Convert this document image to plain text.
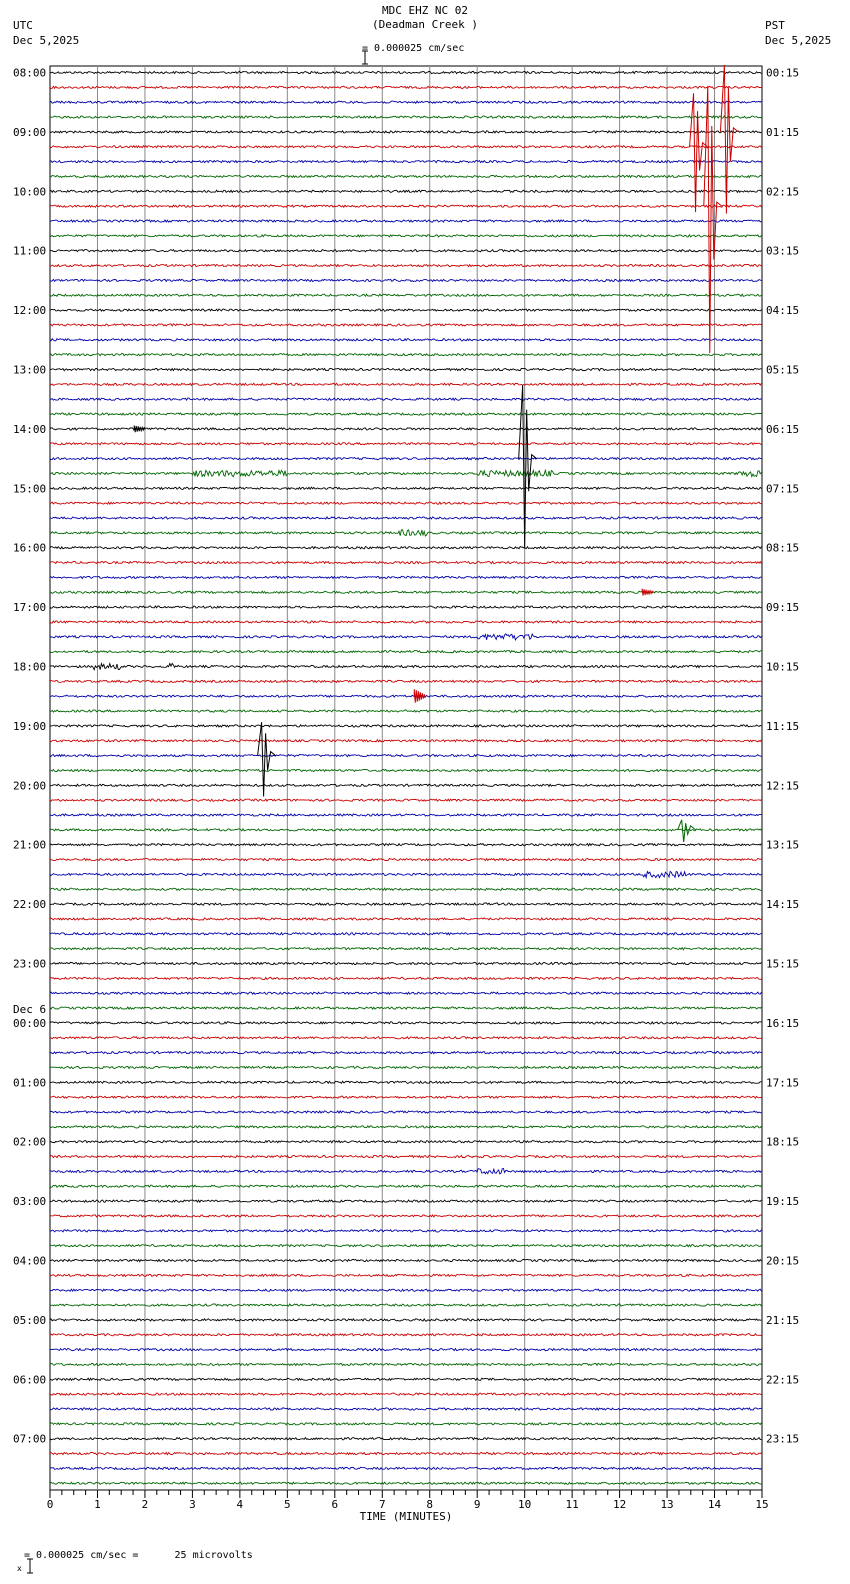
MDC EHZ NC 02
(Deadman Creek )
UTC
Dec 5,2025
PST
Dec 5,2025

= 0.000025 cm/sec
08:00
09:00
10:00
11:00
12:00
13:00
14:00
15:00
16:00
17:00
18:00
19:00
20:00
21:00
22:00
23:00
00:00
Dec 6
01:00
02:00
03:00
04:00
05:00
06:00
07:00
00:15
01:15
02:15
03:15
04:15
05:15
06:15
07:15
08:15
09:15
10:15
11:15
12:15
13:15
14:15
15:15
16:15
17:15
18:15
19:15
20:15
21:15
22:15
23:15
0	1	2	3	4	5	6	7	8	9	10	11	12	13	14	15
TIME (MINUTES)

x

= 0.000025 cm/sec =      25 microvolts
